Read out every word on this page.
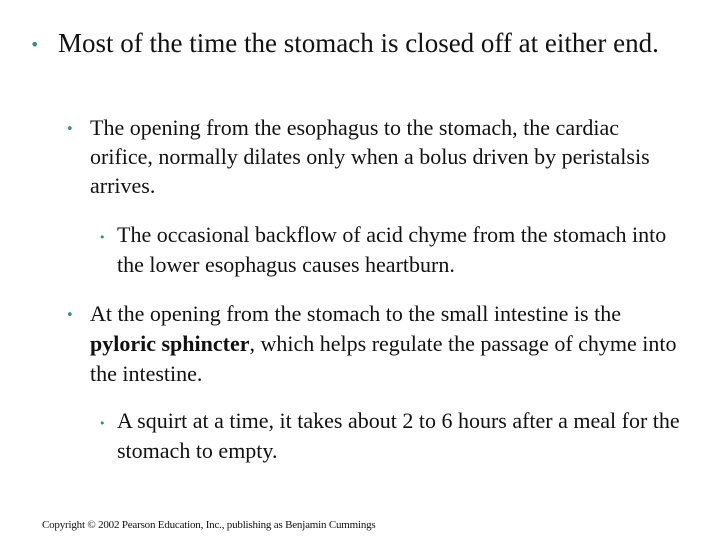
• Most of the time the stomach is closed off at either end.
• The opening from the esophagus to the stomach, the cardiac orifice, normally dilates only when a bolus driven by peristalsis arrives.
• The occasional backflow of acid chyme from the stomach into the lower esophagus causes heartburn.
• At the opening from the stomach to the small intestine is the pyloric sphincter, which helps regulate the passage of chyme into the intestine.
• A squirt at a time, it takes about 2 to 6 hours after a meal for the stomach to empty.
Copyright © 2002 Pearson Education, Inc., publishing as Benjamin Cummings
